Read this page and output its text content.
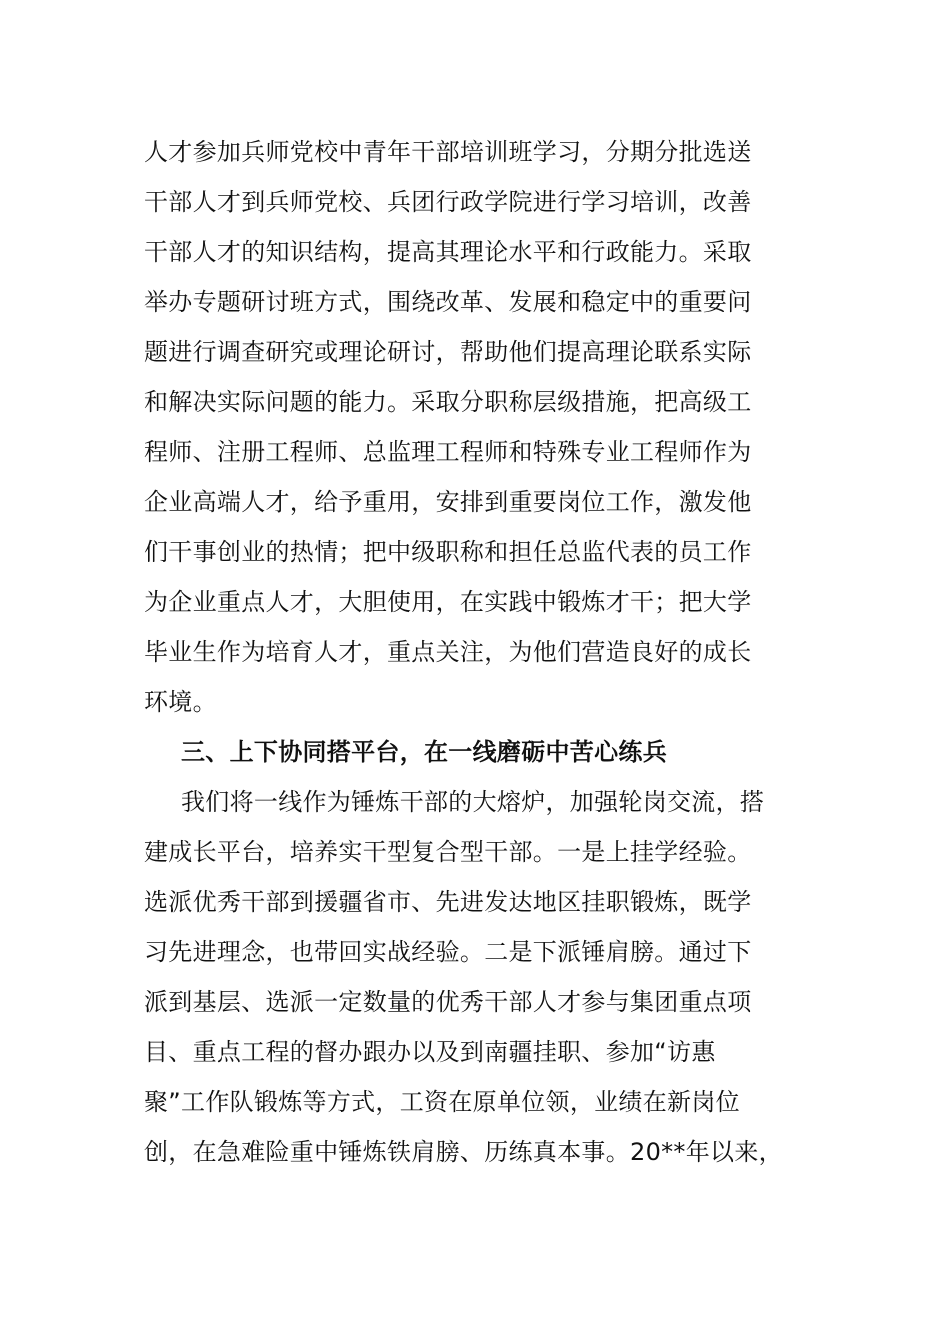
人才参加兵师党校中青年干部培训班学习，分期分批选送
干部人才到兵师党校、兵团行政学院进行学习培训，改善
干部人才的知识结构，提高其理论水平和行政能力。采取
举办专题研讨班方式，围绕改革、发展和稳定中的重要问
题进行调查研究或理论研讨，帮助他们提高理论联系实际
和解决实际问题的能力。采取分职称层级措施，把高级工
程师、注册工程师、总监理工程师和特殊专业工程师作为
企业高端人才，给予重用，安排到重要岗位工作，激发他
们干事创业的热情；把中级职称和担任总监代表的员工作
为企业重点人才，大胆使用，在实践中锻炼才干；把大学
毕业生作为培育人才，重点关注，为他们营造良好的成长
环境。
三、上下协同搭平台，在一线磨砺中苦心练兵
我们将一线作为锤炼干部的大熔炉，加强轮岗交流，搭
建成长平台，培养实干型复合型干部。一是上挂学经验。
选派优秀干部到援疆省市、先进发达地区挂职锻炼，既学
习先进理念，也带回实战经验。二是下派锤肩膀。通过下
派到基层、选派一定数量的优秀干部人才参与集团重点项
目、重点工程的督办跟办以及到南疆挂职、参加“访惠
聚”工作队锻炼等方式，工资在原单位领，业绩在新岗位
创，在急难险重中锤炼铁肩膀、历练真本事。20**年以来，
